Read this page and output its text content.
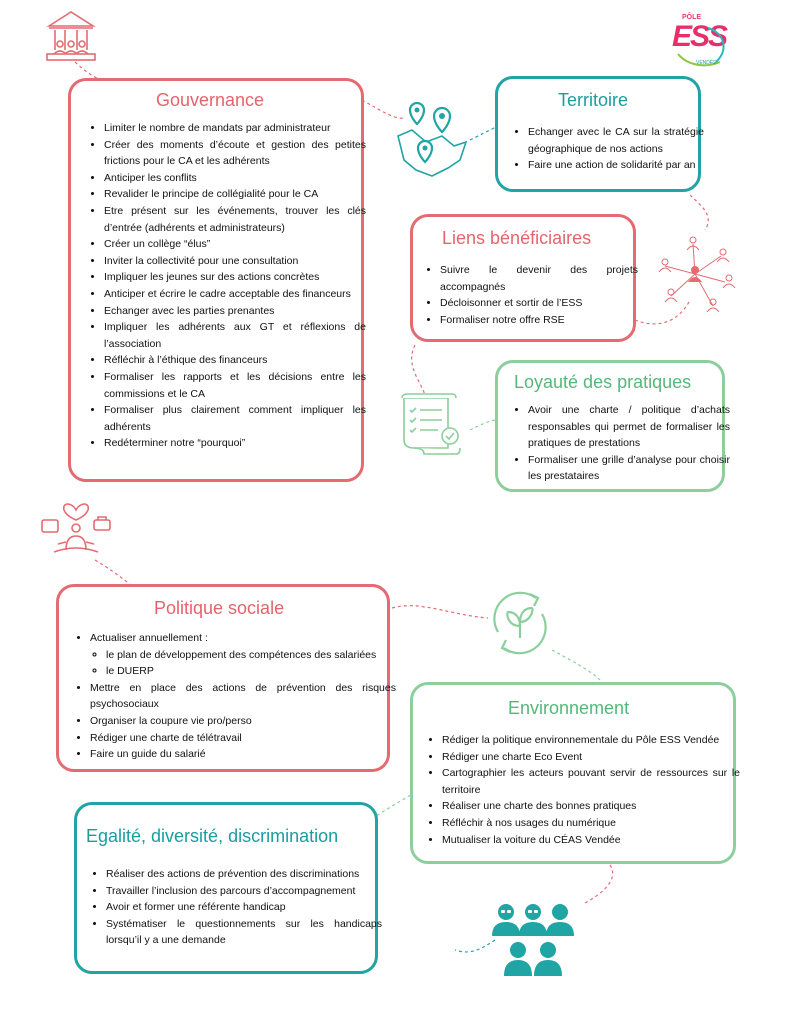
PÔLE
ESS
VENDÉE
Gouvernance
• Limiter le nombre de mandats par administrateur
• Créer des moments d’écoute et gestion des petites frictions pour le CA et les adhérents
• Anticiper les conflits
• Revalider le principe de collégialité pour le CA
• Etre présent sur les événements, trouver les clés d’entrée (adhérents et administrateurs)
• Créer un collège “élus”
• Inviter la collectivité pour une consultation
• Impliquer les jeunes sur des actions concrètes
• Anticiper et écrire le cadre acceptable des financeurs
• Echanger avec les parties prenantes
• Impliquer les adhérents aux GT et réflexions de l’association
• Réfléchir à l’éthique des financeurs
• Formaliser les rapports et les décisions entre les commissions et le CA
• Formaliser plus clairement comment impliquer les adhérents
• Redéterminer notre “pourquoi”
Territoire
• Echanger avec le CA sur la stratégie géographique de nos actions
• Faire une action de solidarité par an
Liens bénéficiaires
• Suivre le devenir des projets accompagnés
• Décloisonner et sortir de l’ESS
• Formaliser notre offre RSE
Loyauté des pratiques
• Avoir une charte / politique d’achats responsables qui permet de formaliser les pratiques de prestations
• Formaliser une grille d’analyse pour choisir les prestataires
Politique sociale
• Actualiser annuellement :
◦ le plan de développement des compétences des salariées
◦ le DUERP
• Mettre en place des actions de prévention des risques psychosociaux
• Organiser la coupure vie pro/perso
• Rédiger une charte de télétravail
• Faire un guide du salarié
Environnement
• Rédiger la politique environnementale du Pôle ESS Vendée
• Rédiger une charte Eco Event
• Cartographier les acteurs pouvant servir de ressources sur le territoire
• Réaliser une charte des bonnes pratiques
• Réfléchir à nos usages du numérique
• Mutualiser la voiture du CÉAS Vendée
Egalité, diversité, discrimination
• Réaliser des actions de prévention des discriminations
• Travailler l’inclusion des parcours d’accompagnement
• Avoir et former une référente handicap
• Systématiser le questionnements sur les handicaps lorsqu’il y a une demande
